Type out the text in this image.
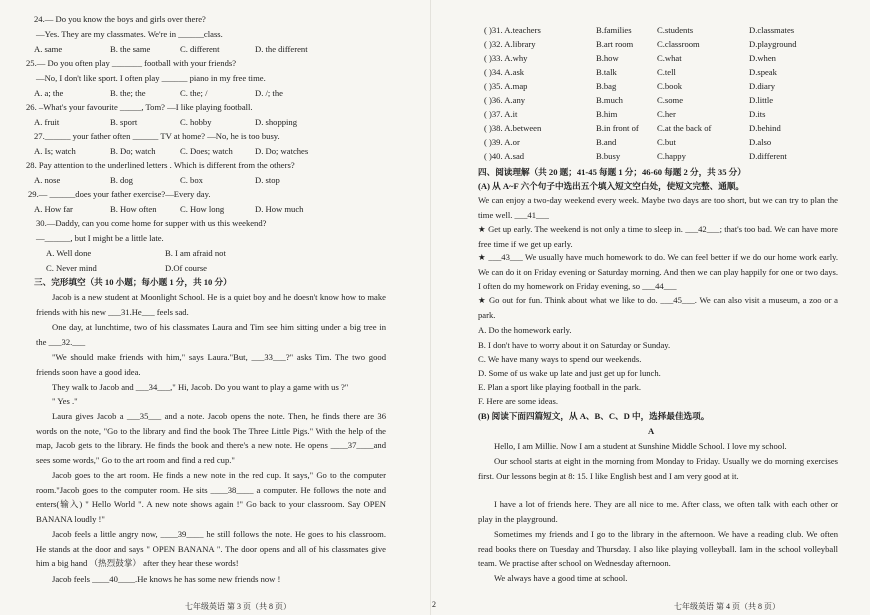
24.— Do you know the boys and girls over there?
—Yes. They are my classmates. We're in ______class.
A. same	B. the same	C. different	D. the different
25.— Do you often play _______ football with your friends?
—No, I don't like sport. I often play ______ piano in my free time.
A. a; the	B. the; the	C. the; /	D. /; the
26. –What's your favourite _____, Tom? —I like playing football.
A. fruit	B. sport	C. hobby	D. shopping
27.______ your father often ______ TV at home? —No, he is too busy.
A. Is; watch	B. Do; watch	C. Does; watch	D. Do; watches
28. Pay attention to the underlined letters . Which is different from the others?
A. nose	B. dog	C. box	D. stop
29.— ______does your father exercise?—Every day.
A. How far	B. How often	C. How long	D. How much
30.—Daddy, can you come home for supper with us this weekend?
—______, but I might be a little late.
A. Well done	B. I am afraid not
C. Never mind	D.Of course
三、完形填空（共 10 小题；每小题 1 分，共 10 分）
Jacob is a new student at Moonlight School. He is a quiet boy and he doesn't know how to make friends with his new ___31.He___ feels sad.
One day, at lunchtime, two of his classmates Laura and Tim see him sitting under a big tree in the ___32.___
"We should make friends with him," says Laura."But, ___33___?" asks Tim. The two good friends soon have a good idea.
They walk to Jacob and ___34___," Hi, Jacob. Do you want to play a game with us ?"
" Yes ."
Laura gives Jacob a ___35___ and a note. Jacob opens the note. Then, he finds there are 36 words on the note, "Go to the library and find the book The Three Little Pigs." With the help of the map, Jacob gets to the library. He finds the book and there's a new note. He opens ____37____and sees some words," Go to the art room and find a red cup."
Jacob goes to the art room. He finds a new note in the red cup. It says," Go to the computer room."Jacob goes to the computer room. He sits ____38____ a computer. He follows the note and enters(输入) " Hello World ". A new note shows again !" Go back to your classroom. Say OPEN BANANA loudly !"
Jacob feels a little angry now, ____39____ he still follows the note. He goes to his classroom. He stands at the door and says " OPEN BANANA ". The door opens and all of his classmates give him a big hand （热烈鼓掌） after they hear these words!
Jacob feels ____40____.He knows he has some new friends now !
七年级英语 第 3 页（共 8 页）	2
( )31. A.teachers	B.families	C.students	D.classmates
( )32. A.library	B.art room	C.classroom	D.playground
( )33. A.why	B.how	C.what	D.when
( )34. A.ask	B.talk	C.tell	D.speak
( )35. A.map	B.bag	C.book	D.diary
( )36. A.any	B.much	C.some	D.little
( )37. A.it	B.him	C.her	D.its
( )38. A.between	B.in front of C.at the back of	D.behind
( )39. A.or	B.and	C.but	D.also
( )40. A.sad	B.busy	C.happy	D.different
四、阅读理解（共 20 题；41-45 每题 1 分；46-60 每题 2 分，共 35 分）
(A) 从 A~F 六个句子中选出五个填入短文空白处，使短文完整、通顺。
We can enjoy a two-day weekend every week. Maybe two days are too short, but we can try to plan the time well. ___41___
★ Get up early. The weekend is not only a time to sleep in. ___42___; that's too bad. We can have more free time if we get up early.
★ ___43___ We usually have much homework to do. We can feel better if we do our home work early. We can do it on Friday evening or Saturday morning. And then we can play happily for one or two days. I often do my homework on Friday evening, so ___44___
★ Go out for fun. Think about what we like to do. ___45___. We can also visit a museum, a zoo or a park.
A. Do the homework early.
B. I don't have to worry about it on Saturday or Sunday.
C. We have many ways to spend our weekends.
D. Some of us wake up late and just get up for lunch.
E. Plan a sport like playing football in the park.
F. Here are some ideas.
(B) 阅读下面四篇短文，从 A、B、C、D 中，选择最佳选项。
A
Hello, I am Millie. Now I am a student at Sunshine Middle School. I love my school.
Our school starts at eight in the morning from Monday to Friday. Usually we do morning exercises first. Our lessons begin at 8: 15. I like English best and I am very good at it.
I have a lot of friends here. They are all nice to me. After class, we often talk with each other or play in the playground.
Sometimes my friends and I go to the library in the afternoon. We have a reading club. We often read books there on Tuesday and Thursday. I also like playing volleyball. Iam in the school volleyball team. We practise after school on Wednesday afternoon.
We always have a good time at school.
七年级英语 第 4 页（共 8 页）
